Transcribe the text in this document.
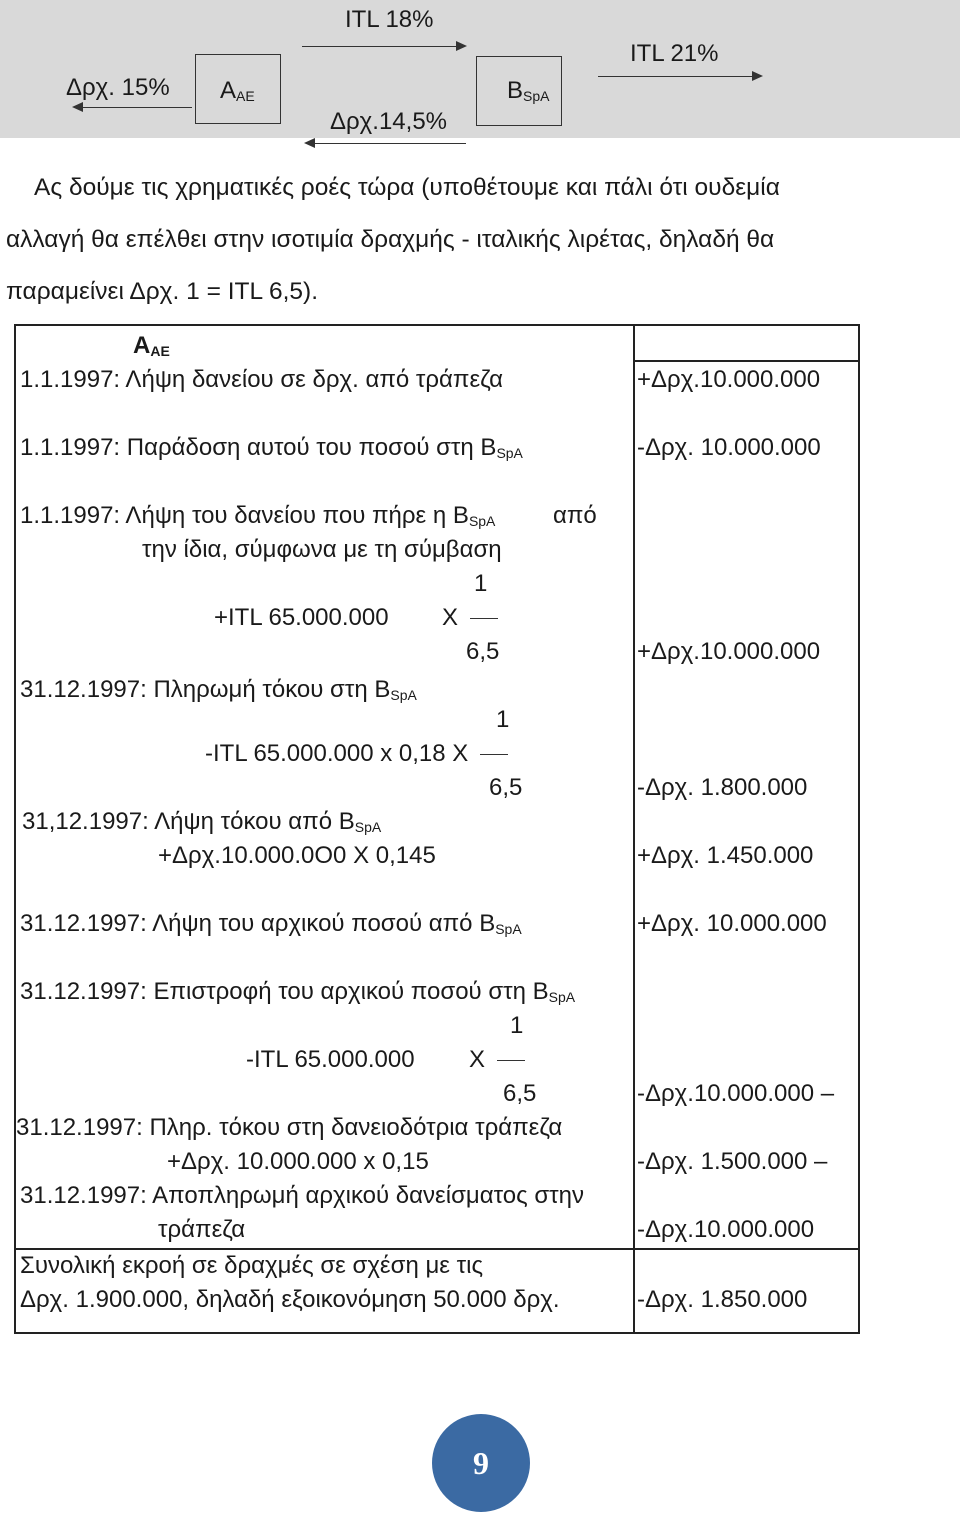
Δρχ. 15% $A_{AE}$
ITL 18%
$B_{SpA}$
Δρχ.14,5%
ITL 21%
Ας δούμε τις χρηματικές ροές τώρα (υποθέτουμε και πάλι ότι ουδεμία
αλλαγή θα επέλθει στην ισοτιμία δραχμής - ιταλικής λιρέτας, δηλαδή θα
παραμείνει Δρχ. 1 = ITL 6,5).
$A_{AE}$
1.1.1997: Λήψη δανείου σε δρχ. από τράπεζα	+Δρχ.10.000.000
1.1.1997: Παράδοση αυτού του ποσού στη $B_{SpA}$	-Δρχ. 10.000.000
1.1.1997: Λήψη του δανείου που πήρε η $B_{SpA}$ από
την ίδια, σύμφωνα με τη σύμβαση
1
+ITL 65.000.000 X
6,5	+Δρχ.10.000.000
31.12.1997: Πληρωμή τόκου στη $B_{SpA}$
1
-ITL 65.000.000 x 0,18 X
6,5	-Δρχ. 1.800.000
31,12.1997: Λήψη τόκου από $B_{SpA}$
+Δρχ.10.000.0O0 X 0,145	+Δρχ. 1.450.000
31.12.1997: Λήψη του αρχικού ποσού από $B_{SpA}$	+Δρχ. 10.000.000
31.12.1997: Επιστροφή του αρχικού ποσού στη $B_{SpA}$
1
-ITL 65.000.000 X
6,5	-Δρχ.10.000.000 –
31.12.1997: Πληρ. τόκου στη δανειοδότρια τράπεζα
+Δρχ. 10.000.000 x 0,15	-Δρχ. 1.500.000 –
31.12.1997: Αποπληρωμή αρχικού δανείσματος στην
τράπεζα	-Δρχ.10.000.000
Συνολική εκροή σε δραχμές σε σχέση με τις
Δρχ. 1.900.000, δηλαδή εξοικονόμηση 50.000 δρχ.	-Δρχ. 1.850.000
9
